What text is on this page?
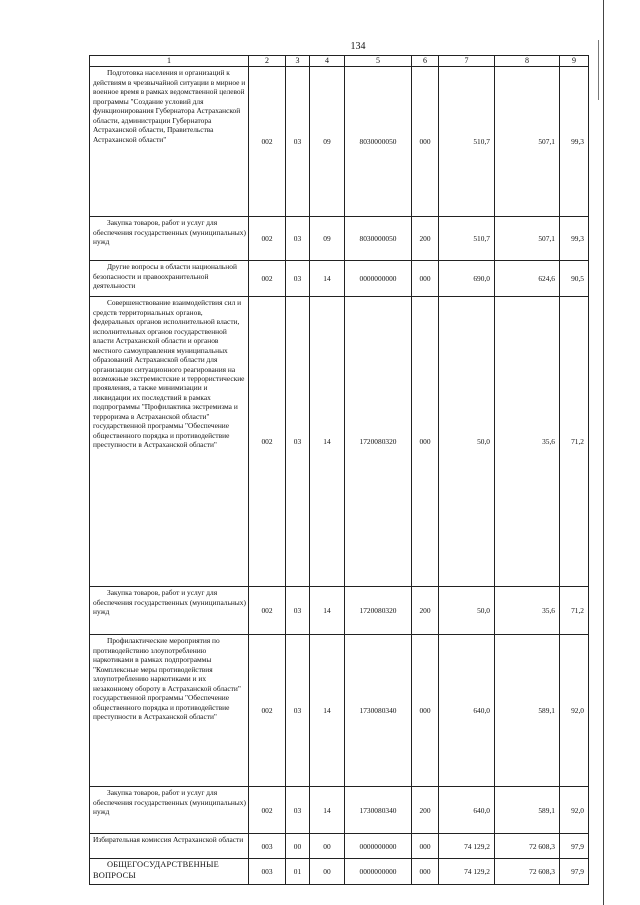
134
1	2	3	4	5	6	7	8	9
Подготовка населения и организаций к действиям в чрезвычайной ситуации в мирное и военное время в рамках ведомственной целевой программы "Создание условий для функционирования Губернатора Астраханской области, администрации Губернатора Астраханской области, Правительства Астраханской области"	002	03	09	8030000050	000	510,7	507,1	99,3
Закупка товаров, работ и услуг для обеспечения государственных (муниципальных) нужд	002	03	09	8030000050	200	510,7	507,1	99,3
Другие вопросы в области национальной безопасности и правоохранительной деятельности	002	03	14	0000000000	000	690,0	624,6	90,5
Совершенствование взаимодействия сил и средств территориальных органов, федеральных органов исполнительной власти, исполнительных органов государственной власти Астраханской области и органов местного самоуправления муниципальных образований Астраханской области для организации ситуационного реагирования на возможные экстремистские и террористические проявления, а также минимизации и ликвидации их последствий в рамках подпрограммы "Профилактика экстремизма и терроризма в Астраханской области" государственной программы "Обеспечение общественного порядка и противодействие преступности в Астраханской области"	002	03	14	1720080320	000	50,0	35,6	71,2
Закупка товаров, работ и услуг для обеспечения государственных (муниципальных) нужд	002	03	14	1720080320	200	50,0	35,6	71,2
Профилактические мероприятия по противодействию злоупотреблению наркотиками в рамках подпрограммы "Комплексные меры противодействия злоупотреблению наркотиками и их незаконному обороту в Астраханской области" государственной программы "Обеспечение общественного порядка и противодействие преступности в Астраханской области"	002	03	14	1730080340	000	640,0	589,1	92,0
Закупка товаров, работ и услуг для обеспечения государственных (муниципальных) нужд	002	03	14	1730080340	200	640,0	589,1	92,0
Избирательная комиссия Астраханской области	003	00	00	0000000000	000	74 129,2	72 608,3	97,9
ОБЩЕГОСУДАРСТВЕННЫЕ ВОПРОСЫ	003	01	00	0000000000	000	74 129,2	72 608,3	97,9
